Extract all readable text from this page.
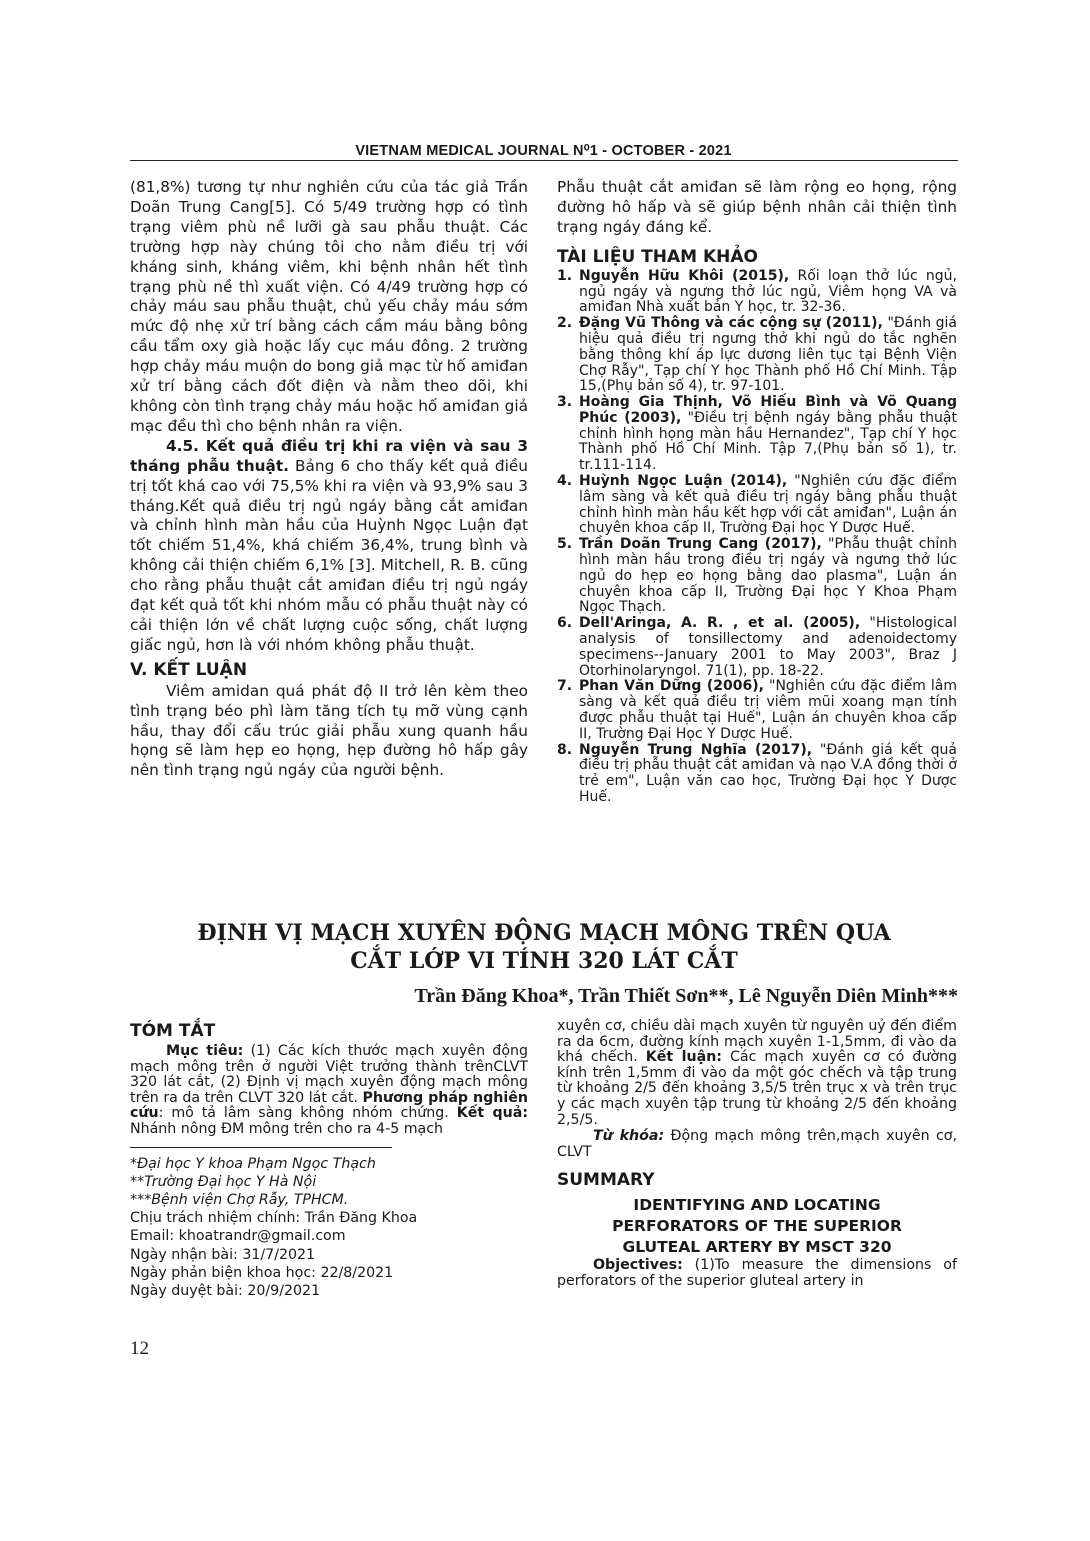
VIETNAM MEDICAL JOURNAL N⁰1 - OCTOBER - 2021

(81,8%) tương tự như nghiên cứu của tác giả Trần Doãn Trung Cang[5]. Có 5/49 trường hợp có tình trạng viêm phù nề lưỡi gà sau phẫu thuật. Các trường hợp này chúng tôi cho nằm điều trị với kháng sinh, kháng viêm, khi bệnh nhân hết tình trạng phù nề thì xuất viện. Có 4/49 trường hợp có chảy máu sau phẫu thuật, chủ yếu chảy máu sớm mức độ nhẹ xử trí bằng cách cầm máu bằng bông cầu tẩm oxy già hoặc lấy cục máu đông. 2 trường hợp chảy máu muộn do bong giả mạc từ hố amiđan xử trí bằng cách đốt điện và nằm theo dõi, khi không còn tình trạng chảy máu hoặc hố amiđan giả mạc đều thì cho bệnh nhân ra viện.

4.5. Kết quả điều trị khi ra viện và sau 3 tháng phẫu thuật. Bảng 6 cho thấy kết quả điều trị tốt khá cao với 75,5% khi ra viện và 93,9% sau 3 tháng.Kết quả điều trị ngủ ngáy bằng cắt amiđan và chỉnh hình màn hầu của Huỳnh Ngọc Luận đạt tốt chiếm 51,4%, khá chiếm 36,4%, trung bình và không cải thiện chiếm 6,1% [3]. Mitchell, R. B. cũng cho rằng phẫu thuật cắt amiđan điều trị ngủ ngáy đạt kết quả tốt khi nhóm mẫu có phẫu thuật này có cải thiện lớn về chất lượng cuộc sống, chất lượng giấc ngủ, hơn là với nhóm không phẫu thuật.

V. KẾT LUẬN

Viêm amidan quá phát độ II trở lên kèm theo tình trạng béo phì làm tăng tích tụ mỡ vùng cạnh hầu, thay đổi cấu trúc giải phẫu xung quanh hầu họng sẽ làm hẹp eo họng, hẹp đường hô hấp gây nên tình trạng ngủ ngáy của người bệnh.

Phẫu thuật cắt amiđan sẽ làm rộng eo họng, rộng đường hô hấp và sẽ giúp bệnh nhân cải thiện tình trạng ngáy đáng kể.

TÀI LIỆU THAM KHẢO
1. Nguyễn Hữu Khôi (2015), Rối loạn thở lúc ngủ, ngủ ngáy và ngưng thở lúc ngủ, Viêm họng VA và amiđan Nhà xuất bản Y học, tr. 32-36.
2. Đặng Vũ Thông và các cộng sự (2011), "Đánh giá hiệu quả điều trị ngưng thở khi ngủ do tắc nghẽn bằng thông khí áp lực dương liên tục tại Bệnh Viện Chợ Rẫy", Tạp chí Y học Thành phố Hồ Chí Minh. Tập 15,(Phụ bản số 4), tr. 97-101.
3. Hoàng Gia Thịnh, Võ Hiếu Bình và Võ Quang Phúc (2003), "Điều trị bệnh ngáy bằng phẫu thuật chỉnh hình họng màn hầu Hernandez", Tạp chí Y học Thành phố Hồ Chí Minh. Tập 7,(Phụ bản số 1), tr. tr.111-114.
4. Huỳnh Ngọc Luận (2014), "Nghiên cứu đặc điểm lâm sàng và kết quả điều trị ngáy bằng phẫu thuật chỉnh hình màn hầu kết hợp với cắt amiđan", Luận án chuyên khoa cấp II, Trường Đại học Y Dược Huế.
5. Trần Doãn Trung Cang (2017), "Phẫu thuật chỉnh hình màn hầu trong điều trị ngáy và ngưng thở lúc ngủ do hẹp eo họng bằng dao plasma", Luận án chuyên khoa cấp II, Trường Đại học Y Khoa Phạm Ngọc Thạch.
6. Dell'Aringa, A. R. , et al. (2005), "Histological analysis of tonsillectomy and adenoidectomy specimens--January 2001 to May 2003", Braz J Otorhinolaryngol. 71(1), pp. 18-22.
7. Phan Văn Dững (2006), "Nghiên cứu đặc điểm lâm sàng và kết quả điều trị viêm mũi xoang mạn tính được phẫu thuật tại Huế", Luận án chuyên khoa cấp II, Trường Đại Học Y Dược Huế.
8. Nguyễn Trung Nghĩa (2017), "Đánh giá kết quả điều trị phẫu thuật cắt amiđan và nạo V.A đồng thời ở trẻ em", Luận văn cao học, Trường Đại học Y Dược Huế.
ĐỊNH VỊ MẠCH XUYÊN ĐỘNG MẠCH MÔNG TRÊN QUA
CẮT LỚP VI TÍNH 320 LÁT CẮT
Trần Đăng Khoa*, Trần Thiết Sơn**, Lê Nguyễn Diên Minh***
TÓM TẮT

Mục tiêu: (1) Các kích thước mạch xuyên động mạch mông trên ở người Việt trưởng thành trênCLVT 320 lát cắt, (2) Định vị mạch xuyên động mạch mông trên ra da trên CLVT 320 lát cắt. Phương pháp nghiên cứu: mô tả lâm sàng không nhóm chứng. Kết quả: Nhánh nông ĐM mông trên cho ra 4-5 mạch

*Đại học Y khoa Phạm Ngọc Thạch
**Trường Đại học Y Hà Nội
***Bệnh viện Chợ Rẫy, TPHCM.
Chịu trách nhiệm chính: Trần Đăng Khoa
Email: khoatrandr@gmail.com
Ngày nhận bài: 31/7/2021
Ngày phản biện khoa học: 22/8/2021
Ngày duyệt bài: 20/9/2021

xuyên cơ, chiều dài mạch xuyên từ nguyên uỷ đến điểm ra da 6cm, đường kính mạch xuyên 1-1,5mm, đi vào da khá chếch. Kết luận: Các mạch xuyên cơ có đường kính trên 1,5mm đi vào da một góc chếch và tập trung từ khoảng 2/5 đến khoảng 3,5/5 trên trục x và trên trục y các mạch xuyên tập trung từ khoảng 2/5 đến khoảng 2,5/5.

Từ khóa: Động mạch mông trên,mạch xuyên cơ, CLVT

SUMMARY
IDENTIFYING AND LOCATING
PERFORATORS OF THE SUPERIOR
GLUTEAL ARTERY BY MSCT 320

Objectives: (1)To measure the dimensions of perforators of the superior gluteal artery in

12
